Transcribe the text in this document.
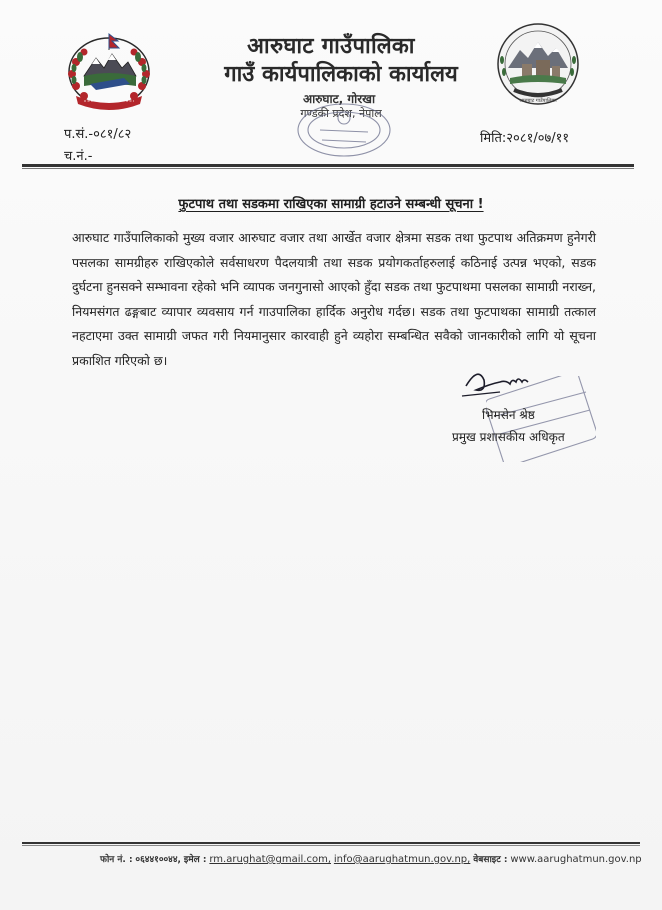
आरुघाट गाउँपालिका
गाउँ कार्यपालिकाको कार्यालय
आरुघाट, गोरखा
गण्डकी प्रदेश, नेपाल
आरुघाट गाउँपालिका
प.सं.-०८१/८२
च.नं.-
मिति:२०८१/०७/११
फुटपाथ तथा सडकमा राखिएका सामाग्री हटाउने सम्बन्धी सूचना !
आरुघाट गाउँपालिकाको मुख्य वजार आरुघाट वजार तथा आर्खेत वजार क्षेत्रमा सडक तथा फुटपाथ अतिक्रमण हुनेगरी पसलका सामग्रीहरु राखिएकोले सर्वसाधरण पैदलयात्री तथा सडक प्रयोगकर्ताहरुलाई कठिनाई उत्पन्न भएको, सडक दुर्घटना हुनसक्ने सम्भावना रहेको भनि व्यापक जनगुनासो आएको हुँदा सडक तथा फुटपाथमा पसलका सामाग्री नराख्न, नियमसंगत ढङ्गबाट व्यापार व्यवसाय गर्न गाउपालिका हार्दिक अनुरोध गर्दछ। सडक तथा फुटपाथका सामाग्री तत्काल नहटाएमा उक्त सामाग्री जफत गरी नियमानुसार कारवाही हुने व्यहोरा सम्बन्धित सवैको जानकारीको लागि यो सूचना प्रकाशित गरिएको छ।
भिमसेन श्रेष्ठ
प्रमुख प्रशासकीय अधिकृत
फोन नं. : ०६४४१००४४, इमेल : rm.arughat@gmail.com, info@aarughatmun.gov.np, वेबसाइट : www.aarughatmun.gov.np
